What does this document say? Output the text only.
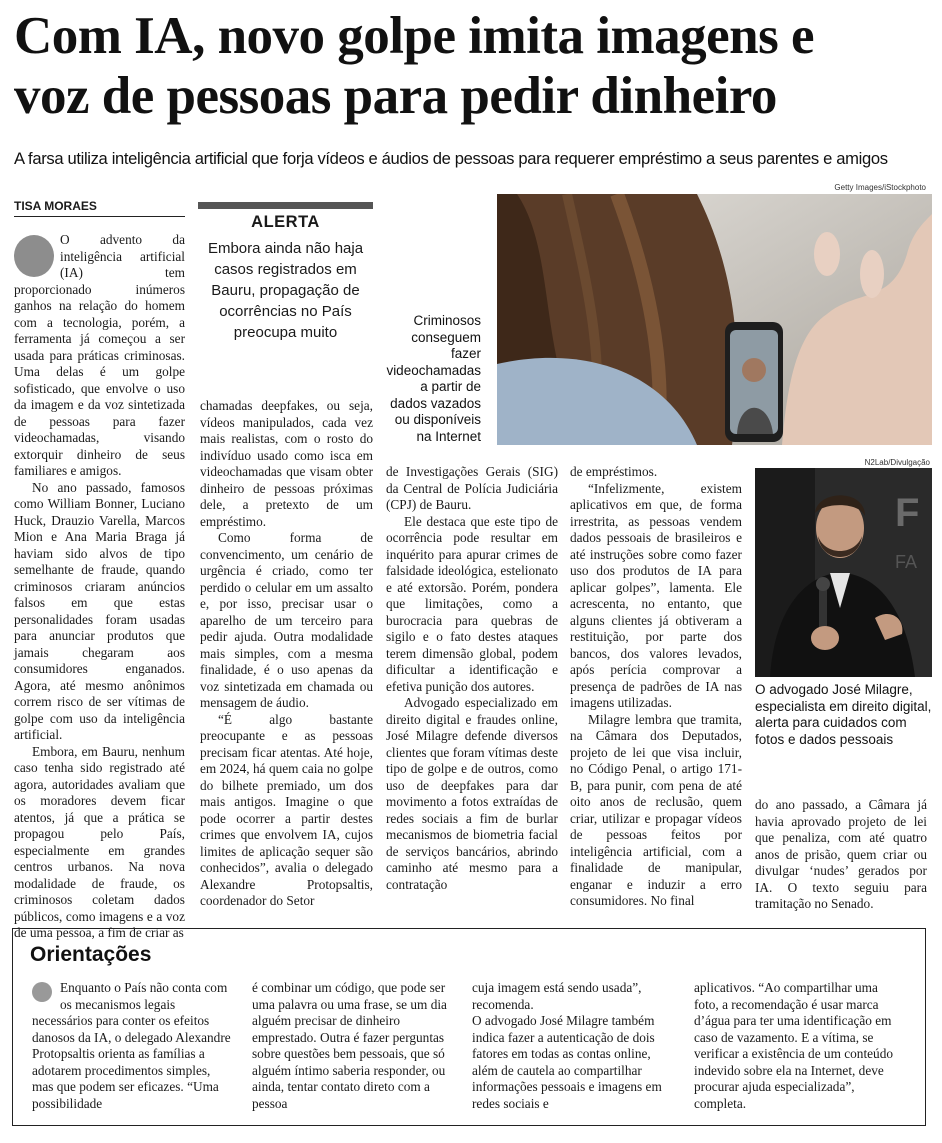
Com IA, novo golpe imita imagens e
voz de pessoas para pedir dinheiro
A farsa utiliza inteligência artificial que forja vídeos e áudios de pessoas para requerer empréstimo a seus parentes e amigos
TISA MORAES

O advento da inteligência artificial (IA) tem proporcionado inúmeros ganhos na relação do homem com a tecnologia, porém, a ferramenta já começou a ser usada para práticas criminosas. Uma delas é um golpe sofisticado, que envolve o uso da imagem e da voz sintetizada de pessoas para fazer videochamadas, visando extorquir dinheiro de seus familiares e amigos.

No ano passado, famosos como William Bonner, Luciano Huck, Drauzio Varella, Marcos Mion e Ana Maria Braga já haviam sido alvos de tipo semelhante de fraude, quando criminosos criaram anúncios falsos em que estas personalidades foram usadas para anunciar produtos que jamais chegaram aos consumidores enganados. Agora, até mesmo anônimos correm risco de ser vítimas de golpe com uso da inteligência artificial.

Embora, em Bauru, nenhum caso tenha sido registrado até agora, autoridades avaliam que os moradores devem ficar atentos, já que a prática se propagou pelo País, especialmente em grandes centros urbanos. Na nova modalidade de fraude, os criminosos coletam dados públicos, como imagens e a voz de uma pessoa, a fim de criar as

ALERTA
Embora ainda não haja casos registrados em Bauru, propagação de ocorrências no País preocupa muito

chamadas deepfakes, ou seja, vídeos manipulados, cada vez mais realistas, com o rosto do indivíduo usado como isca em videochamadas que visam obter dinheiro de pessoas próximas dele, a pretexto de um empréstimo.

Como forma de convencimento, um cenário de urgência é criado, como ter perdido o celular em um assalto e, por isso, precisar usar o aparelho de um terceiro para pedir ajuda. Outra modalidade mais simples, com a mesma finalidade, é o uso apenas da voz sintetizada em chamada ou mensagem de áudio.

“É algo bastante preocupante e as pessoas precisam ficar atentas. Até hoje, em 2024, há quem caia no golpe do bilhete premiado, um dos mais antigos. Imagine o que pode ocorrer a partir destes crimes que envolvem IA, cujos limites de aplicação sequer são conhecidos”, avalia o delegado Alexandre Protopsaltis, coordenador do Setor

Criminosos conseguem fazer videochamadas a partir de dados vazados ou disponíveis na Internet
Getty Images/iStockphoto

de Investigações Gerais (SIG) da Central de Polícia Judiciária (CPJ) de Bauru.

Ele destaca que este tipo de ocorrência pode resultar em inquérito para apurar crimes de falsidade ideológica, estelionato e até extorsão. Porém, pondera que limitações, como a burocracia para quebras de sigilo e o fato destes ataques terem dimensão global, podem dificultar a identificação e efetiva punição dos autores.

Advogado especializado em direito digital e fraudes online, José Milagre defende diversos clientes que foram vítimas deste tipo de golpe e de outros, como uso de deepfakes para dar movimento a fotos extraídas de redes sociais a fim de burlar mecanismos de biometria facial de serviços bancários, abrindo caminho até mesmo para a contratação

de empréstimos.

“Infelizmente, existem aplicativos em que, de forma irrestrita, as pessoas vendem dados pessoais de brasileiros e até instruções sobre como fazer uso dos produtos de IA para aplicar golpes”, lamenta. Ele acrescenta, no entanto, que alguns clientes já obtiveram a restituição, por parte dos bancos, dos valores levados, após perícia comprovar a presença de padrões de IA nas imagens utilizadas.

Milagre lembra que tramita, na Câmara dos Deputados, projeto de lei que visa incluir, no Código Penal, o artigo 171-B, para punir, com pena de até oito anos de reclusão, quem criar, utilizar e propagar vídeos de pessoas feitos por inteligência artificial, com a finalidade de manipular, enganar e induzir a erro consumidores. No final

N2Lab/Divulgação
F
FA
O advogado José Milagre, especialista em direito digital, alerta para cuidados com fotos e dados pessoais

do ano passado, a Câmara já havia aprovado projeto de lei que penaliza, com até quatro anos de prisão, quem criar ou divulgar ‘nudes’ gerados por IA. O texto seguiu para tramitação no Senado.

Orientações

Enquanto o País não conta com os mecanismos legais necessários para conter os efeitos danosos da IA, o delegado Alexandre Protopsaltis orienta as famílias a adotarem procedimentos simples, mas que podem ser eficazes. “Uma possibilidade

é combinar um código, que pode ser uma palavra ou uma frase, se um dia alguém precisar de dinheiro emprestado. Outra é fazer perguntas sobre questões bem pessoais, que só alguém íntimo saberia responder, ou ainda, tentar contato direto com a pessoa

cuja imagem está sendo usada”, recomenda.

O advogado José Milagre também indica fazer a autenticação de dois fatores em todas as contas online, além de cautela ao compartilhar informações pessoais e imagens em redes sociais e

aplicativos. “Ao compartilhar uma foto, a recomendação é usar marca d’água para ter uma identificação em caso de vazamento. E a vítima, se verificar a existência de um conteúdo indevido sobre ela na Internet, deve procurar ajuda especializada”, completa.
